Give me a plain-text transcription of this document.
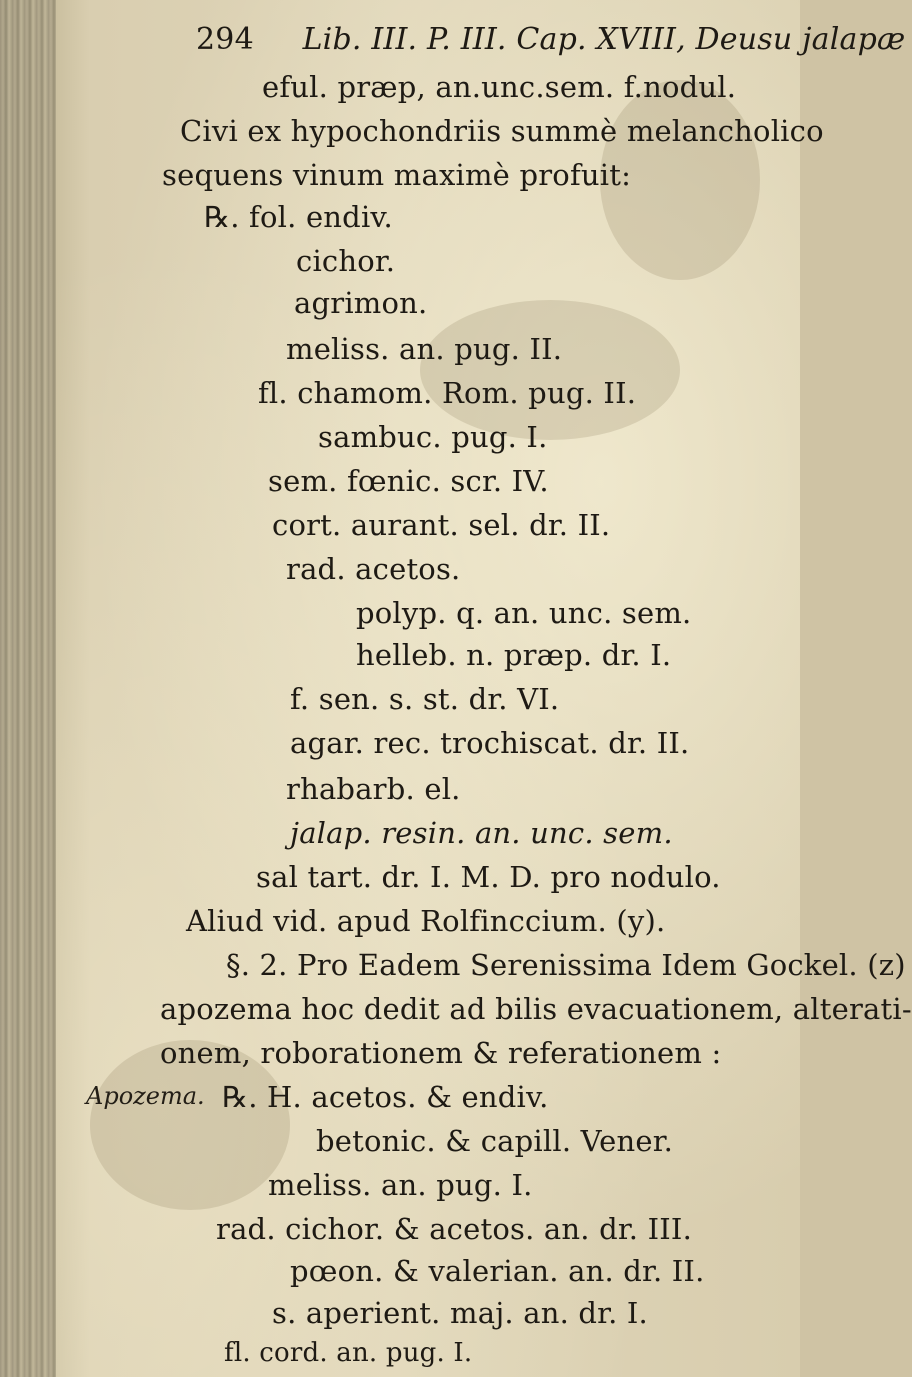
294 Lib. III. P. III. Cap. XVIII, Deusu jalapæ
eful. præp, an.unc.sem. f.nodul.
Civi ex hypochondriis summè melancholico
sequens vinum maximè profuit:
℞. fol. endiv.
cichor.
agrimon.
meliss. an. pug. II.
fl. chamom. Rom. pug. II.
sambuc. pug. I.
sem. fœnic. scr. IV.
cort. aurant. sel. dr. II.
rad. acetos.
polyp. q. an. unc. sem.
helleb. n. præp. dr. I.
f. sen. s. st. dr. VI.
agar. rec. trochiscat. dr. II.
rhabarb. el.
jalap. resin. an. unc. sem.
sal tart. dr. I. M. D. pro nodulo.
Aliud vid. apud Rolfinccium. (y).
§. 2. Pro Eadem Serenissima Idem Gockel. (z)
apozema hoc dedit ad bilis evacuationem, alterati-
onem, roborationem & referationem :
Apozema. ℞. H. acetos. & endiv.
betonic. & capill. Vener.
meliss. an. pug. I.
rad. cichor. & acetos. an. dr. III.
pœon. & valerian. an. dr. II.
s. aperient. maj. an. dr. I.
fl. cord. an. pug. I.
